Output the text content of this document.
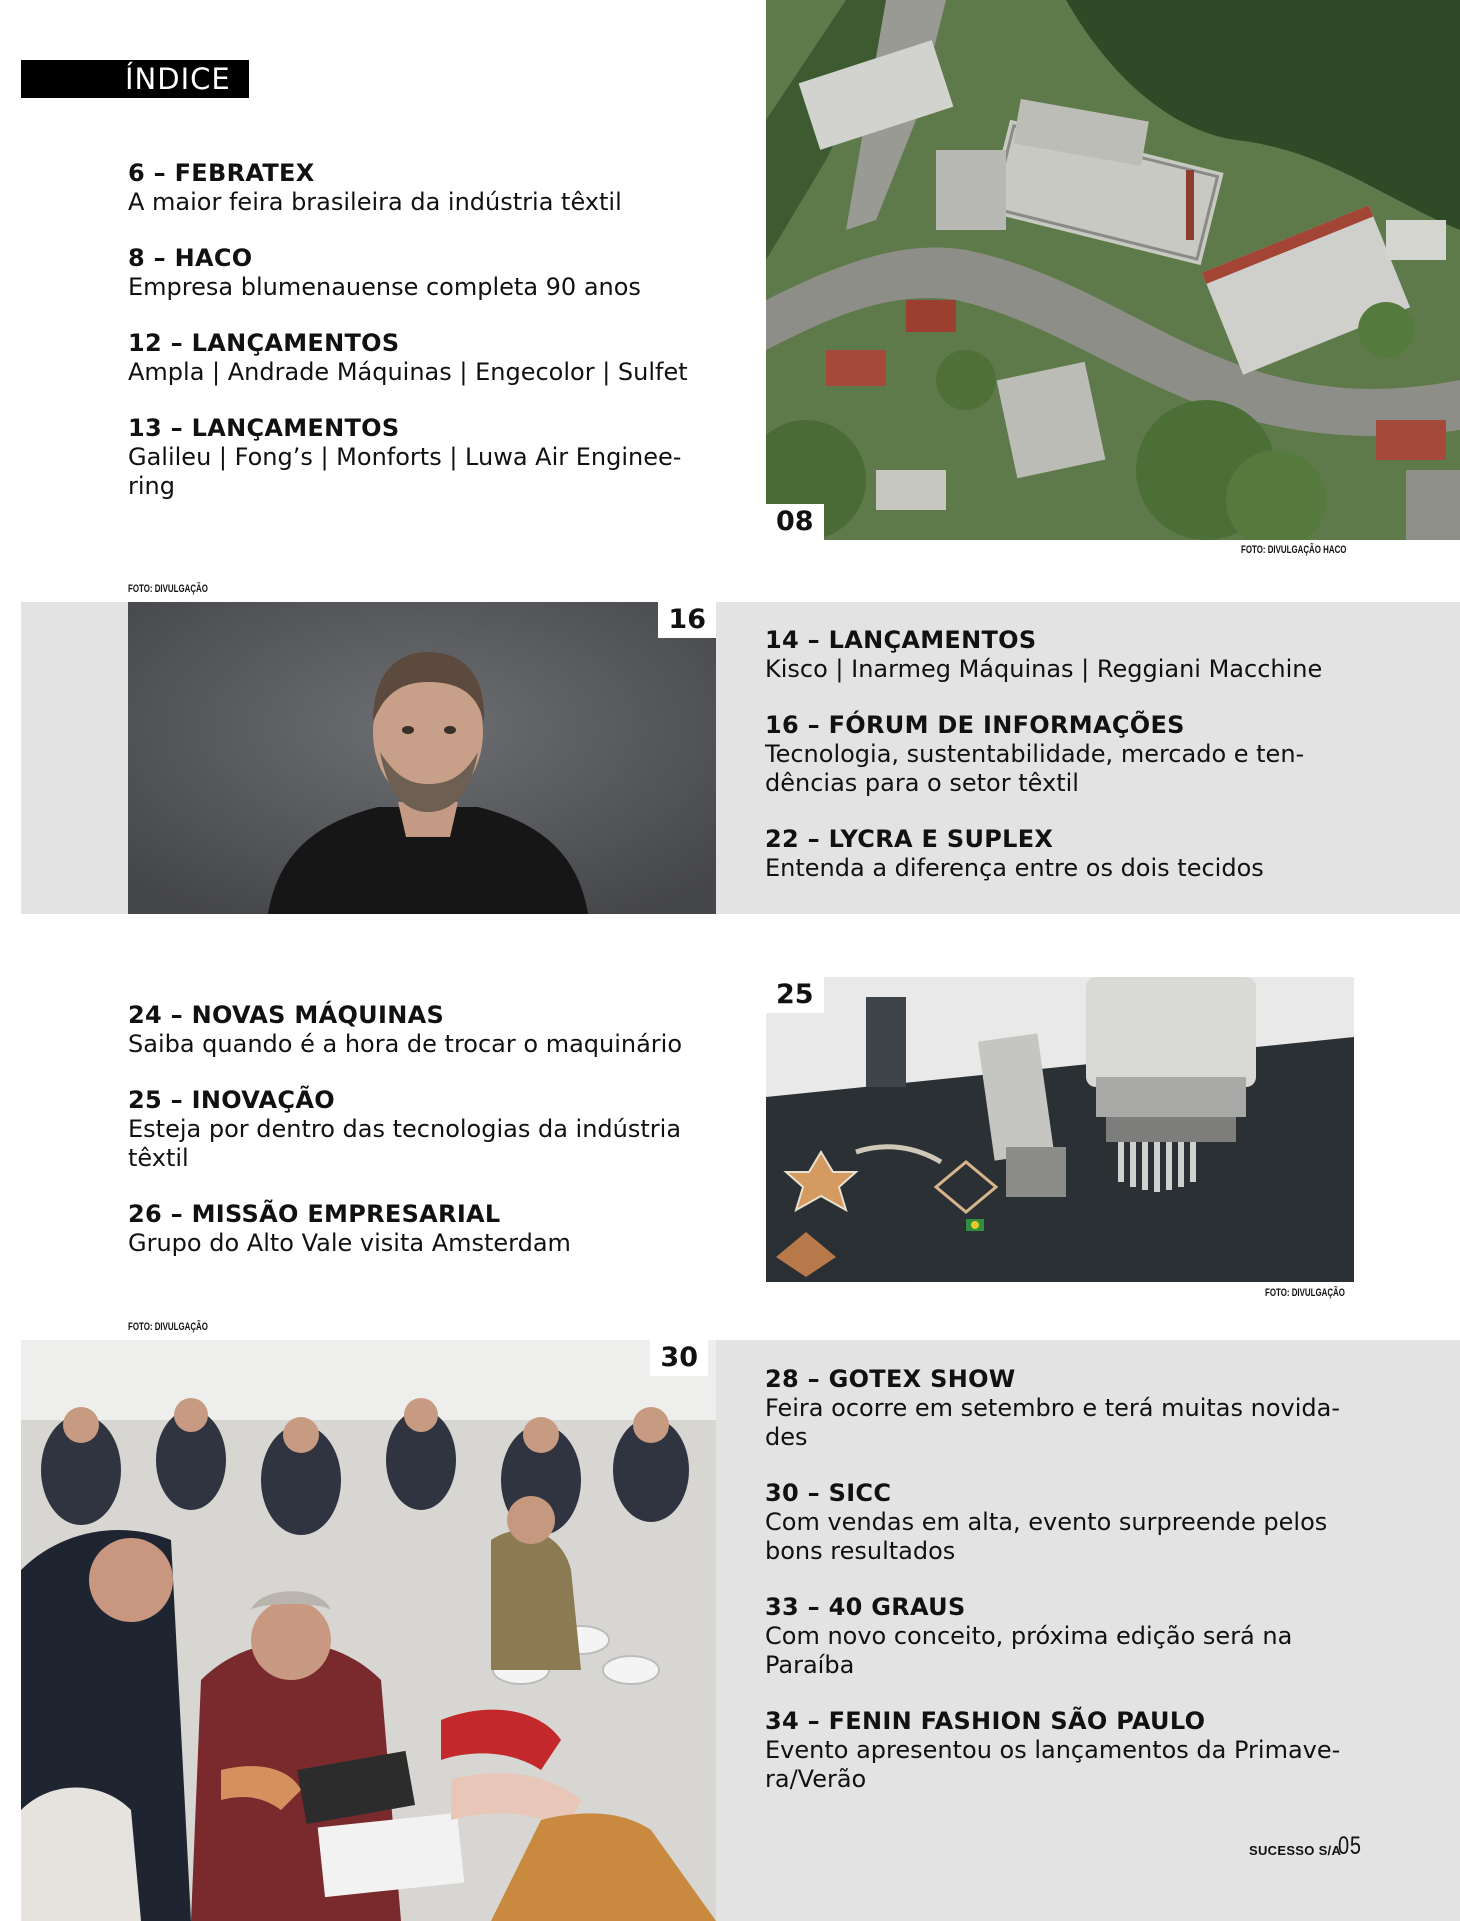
ÍNDICE
6 – FEBRATEX
A maior feira brasileira da indústria têxtil
8 – HACO
Empresa blumenauense completa 90 anos
12 – LANÇAMENTOS
Ampla | Andrade Máquinas | Engecolor | Sulfet
13 – LANÇAMENTOS
Galileu | Fong’s | Monforts | Luwa Air Enginee-ring
14 – LANÇAMENTOS
Kisco | Inarmeg Máquinas | Reggiani Macchine
16 – FÓRUM DE INFORMAÇÕES
Tecnologia, sustentabilidade, mercado e ten-dências para o setor têxtil
22 – LYCRA E SUPLEX
Entenda a diferença entre os dois tecidos
24 – NOVAS MÁQUINAS
Saiba quando é a hora de trocar o maquinário
25 – INOVAÇÃO
Esteja por dentro das tecnologias da indústria têxtil
26 – MISSÃO EMPRESARIAL
Grupo do Alto Vale visita Amsterdam
28 – GOTEX SHOW
Feira ocorre em setembro e terá muitas novida-des
30 – SICC
Com vendas em alta, evento surpreende pelos bons resultados
33 – 40 GRAUS
Com novo conceito, próxima edição será na Paraíba
34 – FENIN FASHION SÃO PAULO
Evento apresentou os lançamentos da Primave-ra/Verão
08
FOTO: DIVULGAÇÃO HACO
FOTO: DIVULGAÇÃO
16
25
FOTO: DIVULGAÇÃO
FOTO: DIVULGAÇÃO
30
SUCESSO S/A
05
